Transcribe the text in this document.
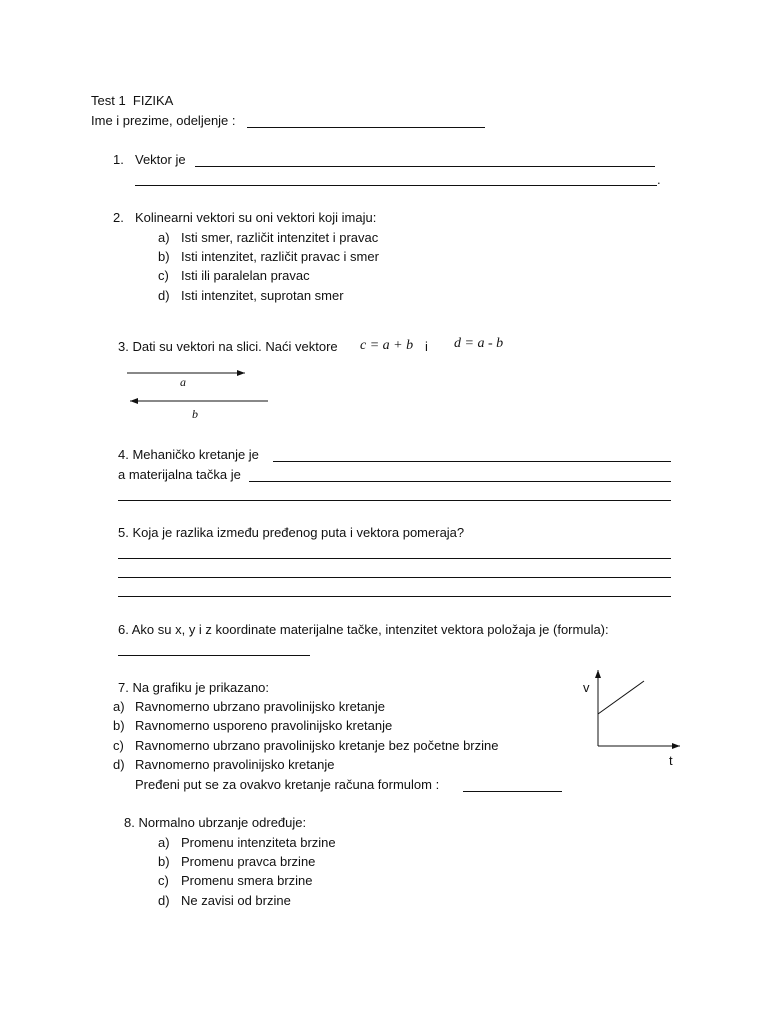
Test 1  FIZIKA
Ime i prezime, odeljenje :
1. Vektor je
.
2. Kolinearni vektori su oni vektori koji imaju:
a) Isti smer, različit intenzitet i pravac
b) Isti intenzitet, različit pravac i smer
c) Isti ili paralelan pravac
d) Isti intenzitet, suprotan smer
3. Dati su vektori na slici. Naći vektore c = a + b i d = a - b
a
b
4. Mehaničko kretanje je
a materijalna tačka je
5. Koja je razlika između pređenog puta i vektora pomeraja?
6. Ako su x, y i z koordinate materijalne tačke, intenzitet vektora položaja je (formula):
7. Na grafiku je prikazano:
a) Ravnomerno ubrzano pravolinijsko kretanje
b) Ravnomerno usporeno pravolinijsko kretanje
c) Ravnomerno ubrzano pravolinijsko kretanje bez početne brzine
d) Ravnomerno pravolinijsko kretanje
Pređeni put se za ovakvo kretanje računa formulom :
v
t
8. Normalno ubrzanje određuje:
a) Promenu intenziteta brzine
b) Promenu pravca brzine
c) Promenu smera brzine
d) Ne zavisi od brzine
